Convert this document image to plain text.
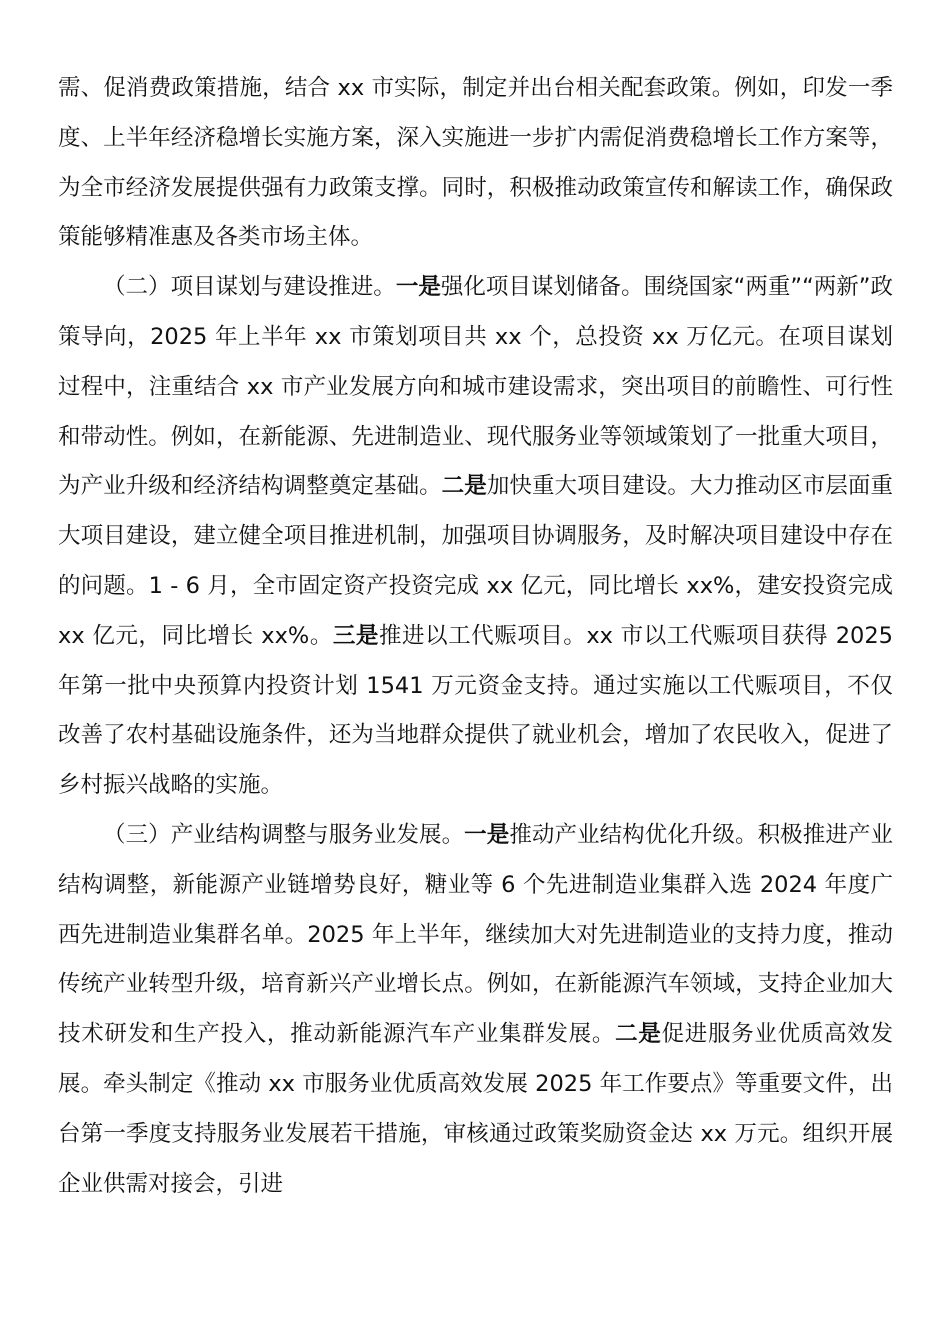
需、促消费政策措施，结合 xx 市实际，制定并出台相关配套政策。例如，印发一季度、上半年经济稳增长实施方案，深入实施进一步扩内需促消费稳增长工作方案等，为全市经济发展提供强有力政策支撑。同时，积极推动政策宣传和解读工作，确保政策能够精准惠及各类市场主体。

（二）项目谋划与建设推进。一是强化项目谋划储备。围绕国家“两重”“两新”政策导向，2025 年上半年 xx 市策划项目共 xx 个，总投资 xx 万亿元。在项目谋划过程中，注重结合 xx 市产业发展方向和城市建设需求，突出项目的前瞻性、可行性和带动性。例如，在新能源、先进制造业、现代服务业等领域策划了一批重大项目，为产业升级和经济结构调整奠定基础。二是加快重大项目建设。大力推动区市层面重大项目建设，建立健全项目推进机制，加强项目协调服务，及时解决项目建设中存在的问题。1 - 6 月，全市固定资产投资完成 xx 亿元，同比增长 xx%，建安投资完成 xx 亿元，同比增长 xx%。三是推进以工代赈项目。xx 市以工代赈项目获得 2025 年第一批中央预算内投资计划 1541 万元资金支持。通过实施以工代赈项目，不仅改善了农村基础设施条件，还为当地群众提供了就业机会，增加了农民收入，促进了乡村振兴战略的实施。

（三）产业结构调整与服务业发展。一是推动产业结构优化升级。积极推进产业结构调整，新能源产业链增势良好，糖业等 6 个先进制造业集群入选 2024 年度广西先进制造业集群名单。2025 年上半年，继续加大对先进制造业的支持力度，推动传统产业转型升级，培育新兴产业增长点。例如，在新能源汽车领域，支持企业加大技术研发和生产投入，推动新能源汽车产业集群发展。二是促进服务业优质高效发展。牵头制定《推动 xx 市服务业优质高效发展 2025 年工作要点》等重要文件，出台第一季度支持服务业发展若干措施，审核通过政策奖励资金达 xx 万元。组织开展企业供需对接会，引进
